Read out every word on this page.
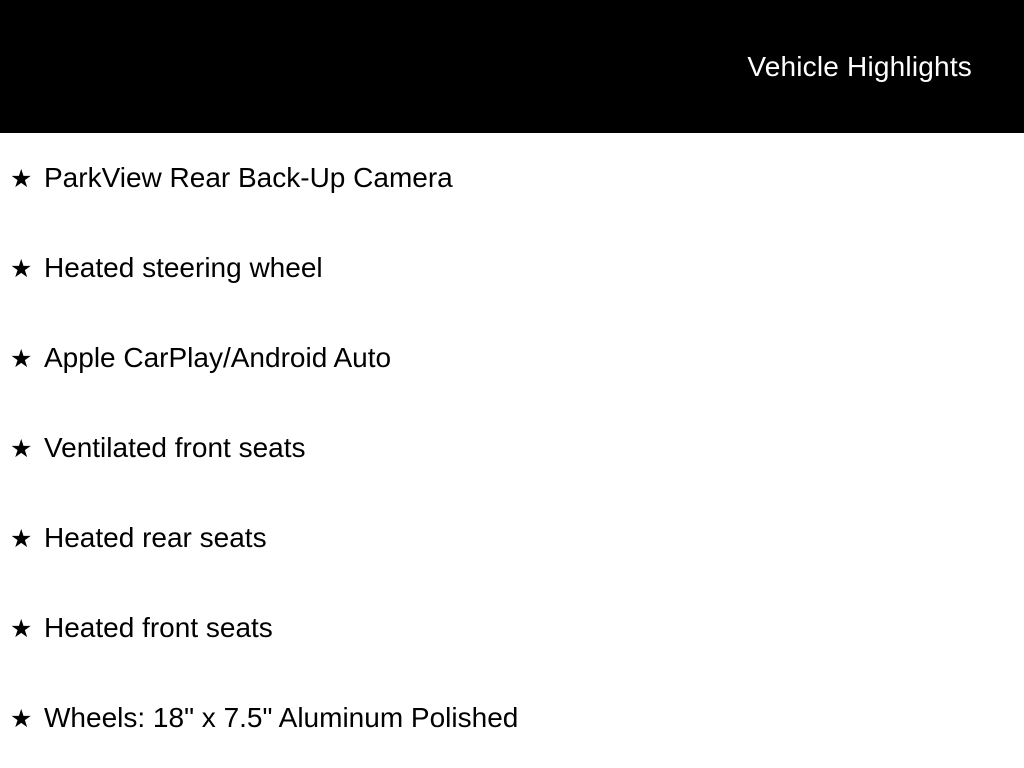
Vehicle Highlights
★ ParkView Rear Back-Up Camera
★ Heated steering wheel
★ Apple CarPlay/Android Auto
★ Ventilated front seats
★ Heated rear seats
★ Heated front seats
★ Wheels: 18" x 7.5" Aluminum Polished
